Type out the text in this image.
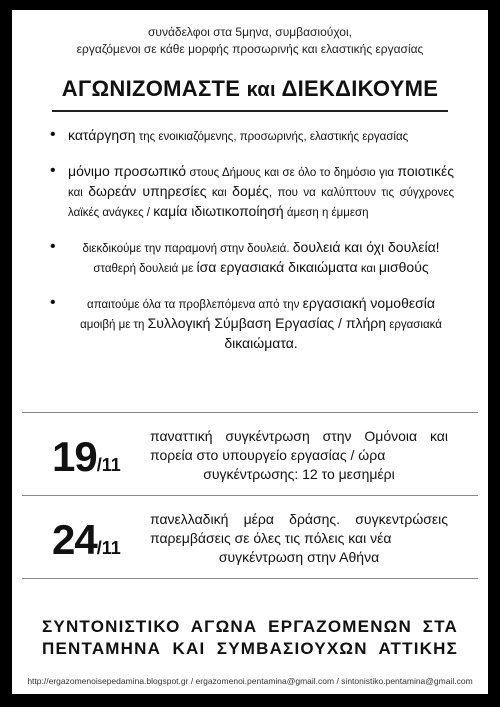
συνάδελφοι στα 5μηνα, συμβασιούχοι,
εργαζόμενοι σε κάθε μορφής προσωρινής και ελαστικής εργασίας
ΑΓΩΝΙΖΟΜΑΣΤΕ και ΔΙΕΚΔΙΚΟΥΜΕ
• κατάργηση της ενοικιαζόμενης, προσωρινής, ελαστικής εργασίας
• μόνιμο προσωπικό στους Δήμους και σε όλο το δημόσιο για ποιοτικές και δωρεάν υπηρεσίες και δομές, που να καλύπτουν τις σύγχρονες λαϊκές ανάγκες / καμία ιδιωτικοποίησή άμεση η έμμεση
•	διεκδικούμε την παραμονή στην δουλειά. δουλειά και όχι δουλεία!
σταθερή δουλειά με ίσα εργασιακά δικαιώματα και μισθούς
•	απαιτούμε όλα τα προβλεπόμενα από την εργασιακή νομοθεσία αμοιβή με τη Συλλογική Σύμβαση Εργασίας / πλήρη εργασιακά
δικαιώματα.
19/11
πανατтική συγκέντρωση στην Ομόνοια και πορεία στο υπουργείο εργασίας / ώρα
συγκέντρωσης: 12 το μεσημέρι
24/11
πανελλαδική μέρα δράσης. συγκεντρώσεις παρεμβάσεις σε όλες τις πόλεις και νέα
συγκέντρωση στην Αθήνα
ΣΥΝΤΟΝΙΣΤΙΚΟ ΑΓΩΝΑ ΕΡΓΑΖΟΜΕΝΩΝ ΣΤΑ
ΠΕΝΤΑΜΗΝΑ ΚΑΙ ΣΥΜΒΑΣΙΟΥΧΩΝ ΑΤΤΙΚΗΣ
http://ergazomenoisepedamina.blogspot.gr / ergazomenoi.pentamina@gmail.com / sintonistiko.pentamina@gmail.com
